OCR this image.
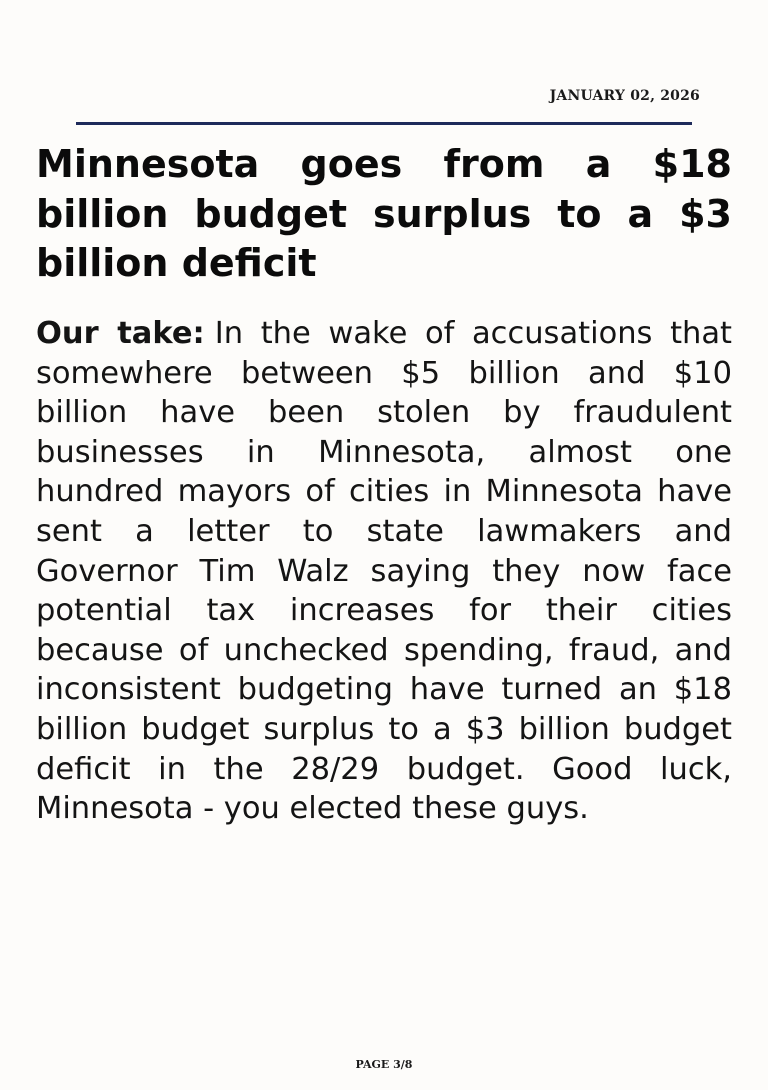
JANUARY 02, 2026
Minnesota goes from a $18 billion budget surplus to a $3 billion deficit

Our take: In the wake of accusations that somewhere between $5 billion and $10 billion have been stolen by fraudulent businesses in Minnesota, almost one hundred mayors of cities in Minnesota have sent a letter to state lawmakers and Governor Tim Walz saying they now face potential tax increases for their cities because of unchecked spending, fraud, and inconsistent budgeting have turned an $18 billion budget surplus to a $3 billion budget deficit in the 28/29 budget. Good luck, Minnesota - you elected these guys.

PAGE 3/8
